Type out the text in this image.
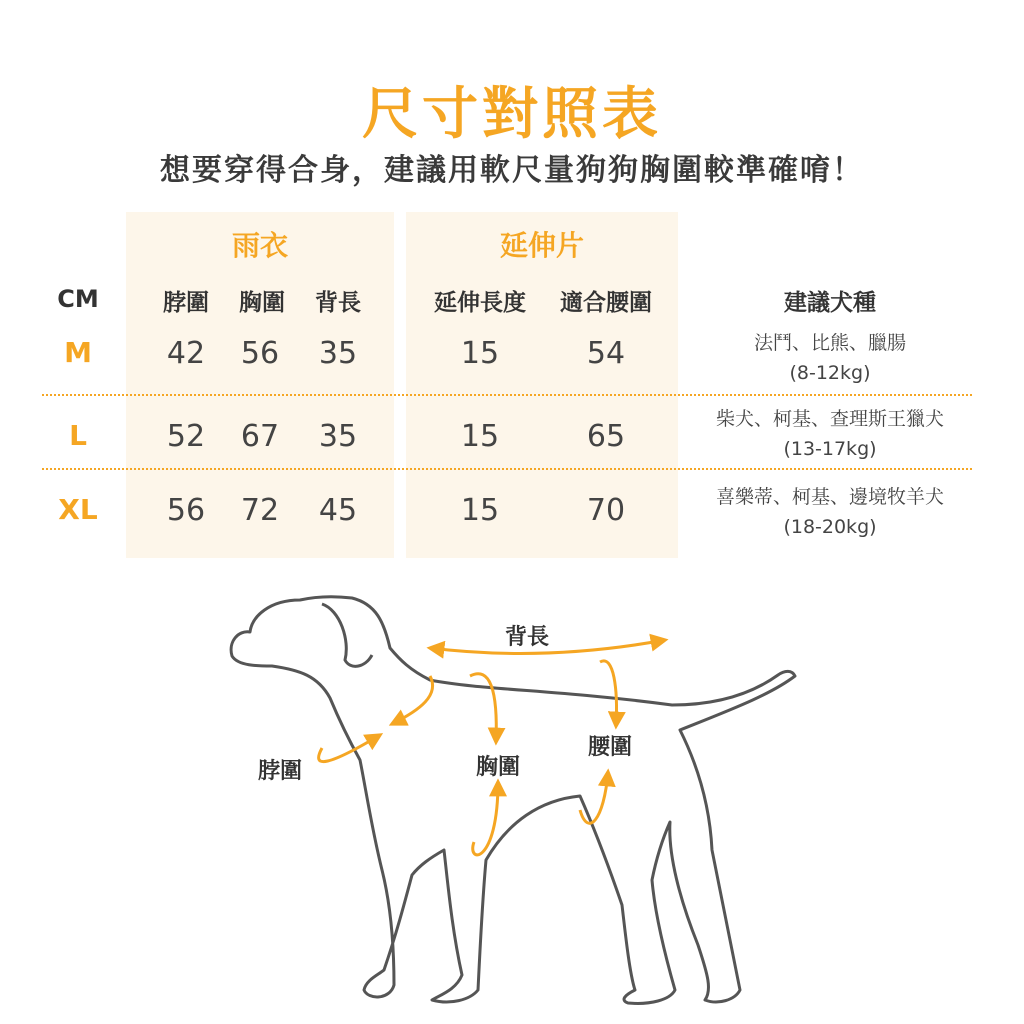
尺寸對照表
想要穿得合身，建議用軟尺量狗狗胸圍較準確唷！
雨衣	延伸片
CM	脖圍	胸圍	背長	延伸長度	適合腰圍	建議犬種
M	42	56	35	15	54	法鬥、比熊、臘腸
(8-12kg)
L	52	67	35	15	65	柴犬、柯基、查理斯王獵犬
(13-17kg)
XL	56	72	45	15	70	喜樂蒂、柯基、邊境牧羊犬
(18-20kg)
背長
脖圍	胸圍
腰圍
